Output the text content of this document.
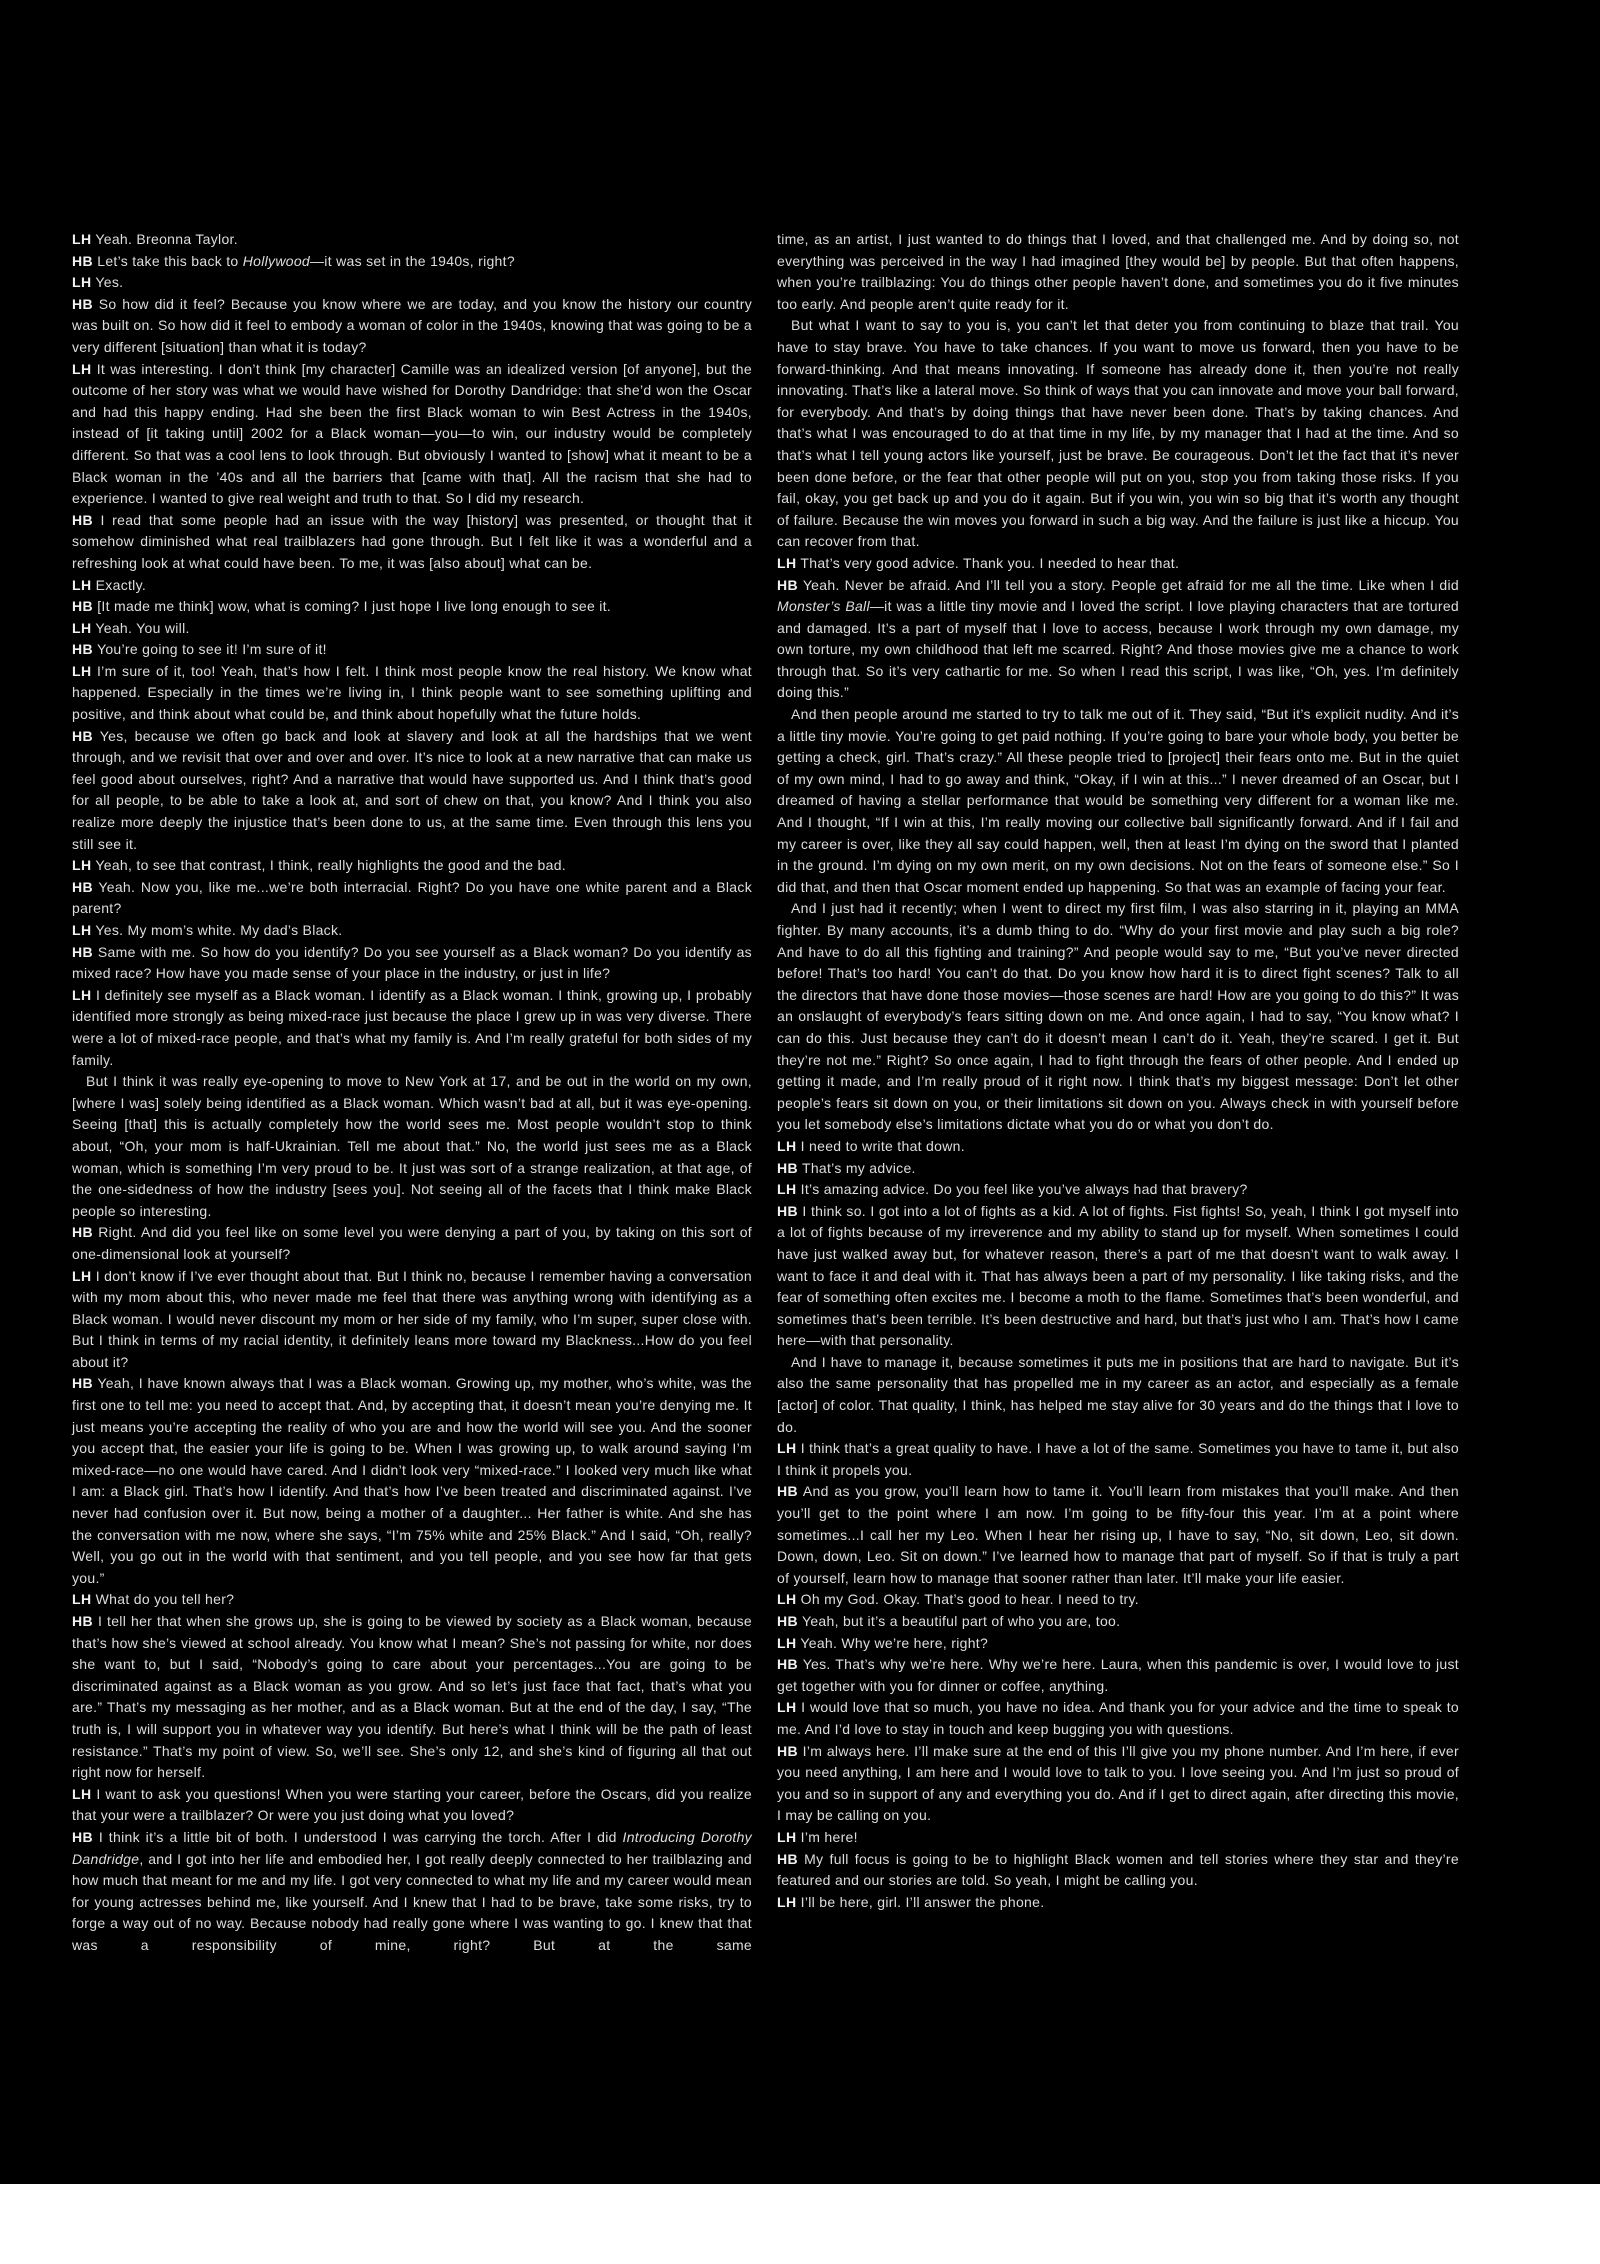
LH Yeah. Breonna Taylor.

HB Let’s take this back to Hollywood—it was set in the 1940s, right?

LH Yes.

HB So how did it feel? Because you know where we are today, and you know the history our country was built on. So how did it feel to embody a woman of color in the 1940s, knowing that was going to be a very different [situation] than what it is today?

LH It was interesting. I don’t think [my character] Camille was an idealized version [of anyone], but the outcome of her story was what we would have wished for Dorothy Dandridge: that she’d won the Oscar and had this happy ending. Had she been the first Black woman to win Best Actress in the 1940s, instead of [it taking until] 2002 for a Black woman—you—to win, our industry would be completely different. So that was a cool lens to look through. But obviously I wanted to [show] what it meant to be a Black woman in the ’40s and all the barriers that [came with that]. All the racism that she had to experience. I wanted to give real weight and truth to that. So I did my research.

HB I read that some people had an issue with the way [history] was presented, or thought that it somehow diminished what real trailblazers had gone through. But I felt like it was a wonderful and a refreshing look at what could have been. To me, it was [also about] what can be.

LH Exactly.

HB [It made me think] wow, what is coming? I just hope I live long enough to see it.

LH Yeah. You will.

HB You’re going to see it! I’m sure of it!

LH I’m sure of it, too! Yeah, that’s how I felt. I think most people know the real history. We know what happened. Especially in the times we’re living in, I think people want to see something uplifting and positive, and think about what could be, and think about hopefully what the future holds.

HB Yes, because we often go back and look at slavery and look at all the hardships that we went through, and we revisit that over and over and over. It’s nice to look at a new narrative that can make us feel good about ourselves, right? And a narrative that would have supported us. And I think that’s good for all people, to be able to take a look at, and sort of chew on that, you know? And I think you also realize more deeply the injustice that’s been done to us, at the same time. Even through this lens you still see it.

LH Yeah, to see that contrast, I think, really highlights the good and the bad.

HB Yeah. Now you, like me...we’re both interracial. Right? Do you have one white parent and a Black parent?

LH Yes. My mom’s white. My dad’s Black.

HB Same with me. So how do you identify? Do you see yourself as a Black woman? Do you identify as mixed race? How have you made sense of your place in the industry, or just in life?

LH I definitely see myself as a Black woman. I identify as a Black woman. I think, growing up, I probably identified more strongly as being mixed-race just because the place I grew up in was very diverse. There were a lot of mixed-race people, and that’s what my family is. And I’m really grateful for both sides of my family.

But I think it was really eye-opening to move to New York at 17, and be out in the world on my own, [where I was] solely being identified as a Black woman. Which wasn’t bad at all, but it was eye-opening. Seeing [that] this is actually completely how the world sees me. Most people wouldn’t stop to think about, “Oh, your mom is half-Ukrainian. Tell me about that.” No, the world just sees me as a Black woman, which is something I’m very proud to be. It just was sort of a strange realization, at that age, of the one-sidedness of how the industry [sees you]. Not seeing all of the facets that I think make Black people so interesting.

HB Right. And did you feel like on some level you were denying a part of you, by taking on this sort of one-dimensional look at yourself?

LH I don’t know if I’ve ever thought about that. But I think no, because I remember having a conversation with my mom about this, who never made me feel that there was anything wrong with identifying as a Black woman. I would never discount my mom or her side of my family, who I’m super, super close with. But I think in terms of my racial identity, it definitely leans more toward my Blackness...How do you feel about it?

HB Yeah, I have known always that I was a Black woman. Growing up, my mother, who’s white, was the first one to tell me: you need to accept that. And, by accepting that, it doesn’t mean you’re denying me. It just means you’re accepting the reality of who you are and how the world will see you. And the sooner you accept that, the easier your life is going to be. When I was growing up, to walk around saying I’m mixed-race—no one would have cared. And I didn’t look very “mixed-race.” I looked very much like what I am: a Black girl. That’s how I identify. And that’s how I’ve been treated and discriminated against. I’ve never had confusion over it. But now, being a mother of a daughter... Her father is white. And she has the conversation with me now, where she says, “I’m 75% white and 25% Black.” And I said, “Oh, really? Well, you go out in the world with that sentiment, and you tell people, and you see how far that gets you.”

LH What do you tell her?

HB I tell her that when she grows up, she is going to be viewed by society as a Black woman, because that’s how she’s viewed at school already. You know what I mean? She’s not passing for white, nor does she want to, but I said, “Nobody’s going to care about your percentages...You are going to be discriminated against as a Black woman as you grow. And so let’s just face that fact, that’s what you are.” That’s my messaging as her mother, and as a Black woman. But at the end of the day, I say, “The truth is, I will support you in whatever way you identify. But here’s what I think will be the path of least resistance.” That’s my point of view. So, we’ll see. She’s only 12, and she’s kind of figuring all that out right now for herself.

LH I want to ask you questions! When you were starting your career, before the Oscars, did you realize that your were a trailblazer? Or were you just doing what you loved?

HB I think it’s a little bit of both. I understood I was carrying the torch. After I did Introducing Dorothy Dandridge, and I got into her life and embodied her, I got really deeply connected to her trailblazing and how much that meant for me and my life. I got very connected to what my life and my career would mean for young actresses behind me, like yourself. And I knew that I had to be brave, take some risks, try to forge a way out of no way. Because nobody had really gone where I was wanting to go. I knew that that was a responsibility of mine, right? But at the same

time, as an artist, I just wanted to do things that I loved, and that challenged me. And by doing so, not everything was perceived in the way I had imagined [they would be] by people. But that often happens, when you’re trailblazing: You do things other people haven’t done, and sometimes you do it five minutes too early. And people aren’t quite ready for it.

But what I want to say to you is, you can’t let that deter you from continuing to blaze that trail. You have to stay brave. You have to take chances. If you want to move us forward, then you have to be forward-thinking. And that means innovating. If someone has already done it, then you’re not really innovating. That’s like a lateral move. So think of ways that you can innovate and move your ball forward, for everybody. And that’s by doing things that have never been done. That’s by taking chances. And that’s what I was encouraged to do at that time in my life, by my manager that I had at the time. And so that’s what I tell young actors like yourself, just be brave. Be courageous. Don’t let the fact that it’s never been done before, or the fear that other people will put on you, stop you from taking those risks. If you fail, okay, you get back up and you do it again. But if you win, you win so big that it’s worth any thought of failure. Because the win moves you forward in such a big way. And the failure is just like a hiccup. You can recover from that.

LH That’s very good advice. Thank you. I needed to hear that.

HB Yeah. Never be afraid. And I’ll tell you a story. People get afraid for me all the time. Like when I did Monster’s Ball—it was a little tiny movie and I loved the script. I love playing characters that are tortured and damaged. It’s a part of myself that I love to access, because I work through my own damage, my own torture, my own childhood that left me scarred. Right? And those movies give me a chance to work through that. So it’s very cathartic for me. So when I read this script, I was like, “Oh, yes. I’m definitely doing this.”

And then people around me started to try to talk me out of it. They said, “But it’s explicit nudity. And it’s a little tiny movie. You’re going to get paid nothing. If you’re going to bare your whole body, you better be getting a check, girl. That’s crazy.” All these people tried to [project] their fears onto me. But in the quiet of my own mind, I had to go away and think, “Okay, if I win at this...” I never dreamed of an Oscar, but I dreamed of having a stellar performance that would be something very different for a woman like me. And I thought, “If I win at this, I’m really moving our collective ball significantly forward. And if I fail and my career is over, like they all say could happen, well, then at least I’m dying on the sword that I planted in the ground. I’m dying on my own merit, on my own decisions. Not on the fears of someone else.” So I did that, and then that Oscar moment ended up happening. So that was an example of facing your fear.

And I just had it recently; when I went to direct my first film, I was also starring in it, playing an MMA fighter. By many accounts, it’s a dumb thing to do. “Why do your first movie and play such a big role? And have to do all this fighting and training?” And people would say to me, “But you’ve never directed before! That’s too hard! You can’t do that. Do you know how hard it is to direct fight scenes? Talk to all the directors that have done those movies—those scenes are hard! How are you going to do this?” It was an onslaught of everybody’s fears sitting down on me. And once again, I had to say, “You know what? I can do this. Just because they can’t do it doesn’t mean I can’t do it. Yeah, they’re scared. I get it. But they’re not me.” Right? So once again, I had to fight through the fears of other people. And I ended up getting it made, and I’m really proud of it right now. I think that’s my biggest message: Don’t let other people’s fears sit down on you, or their limitations sit down on you. Always check in with yourself before you let somebody else’s limitations dictate what you do or what you don’t do.

LH I need to write that down.

HB That’s my advice.

LH It’s amazing advice. Do you feel like you’ve always had that bravery?

HB I think so. I got into a lot of fights as a kid. A lot of fights. Fist fights! So, yeah, I think I got myself into a lot of fights because of my irreverence and my ability to stand up for myself. When sometimes I could have just walked away but, for whatever reason, there’s a part of me that doesn’t want to walk away. I want to face it and deal with it. That has always been a part of my personality. I like taking risks, and the fear of something often excites me. I become a moth to the flame. Sometimes that’s been wonderful, and sometimes that’s been terrible. It’s been destructive and hard, but that’s just who I am. That’s how I came here—with that personality.

And I have to manage it, because sometimes it puts me in positions that are hard to navigate. But it’s also the same personality that has propelled me in my career as an actor, and especially as a female [actor] of color. That quality, I think, has helped me stay alive for 30 years and do the things that I love to do.

LH I think that’s a great quality to have. I have a lot of the same. Sometimes you have to tame it, but also I think it propels you.

HB And as you grow, you’ll learn how to tame it. You’ll learn from mistakes that you’ll make. And then you’ll get to the point where I am now. I’m going to be fifty-four this year. I’m at a point where sometimes...I call her my Leo. When I hear her rising up, I have to say, “No, sit down, Leo, sit down. Down, down, Leo. Sit on down.” I’ve learned how to manage that part of myself. So if that is truly a part of yourself, learn how to manage that sooner rather than later. It’ll make your life easier.

LH Oh my God. Okay. That’s good to hear. I need to try.

HB Yeah, but it’s a beautiful part of who you are, too.

LH Yeah. Why we’re here, right?

HB Yes. That’s why we’re here. Why we’re here. Laura, when this pandemic is over, I would love to just get together with you for dinner or coffee, anything.

LH I would love that so much, you have no idea. And thank you for your advice and the time to speak to me. And I’d love to stay in touch and keep bugging you with questions.

HB I’m always here. I’ll make sure at the end of this I’ll give you my phone number. And I’m here, if ever you need anything, I am here and I would love to talk to you. I love seeing you. And I’m just so proud of you and so in support of any and everything you do. And if I get to direct again, after directing this movie, I may be calling on you.

LH I’m here!

HB My full focus is going to be to highlight Black women and tell stories where they star and they’re featured and our stories are told. So yeah, I might be calling you.

LH I’ll be here, girl. I’ll answer the phone.
